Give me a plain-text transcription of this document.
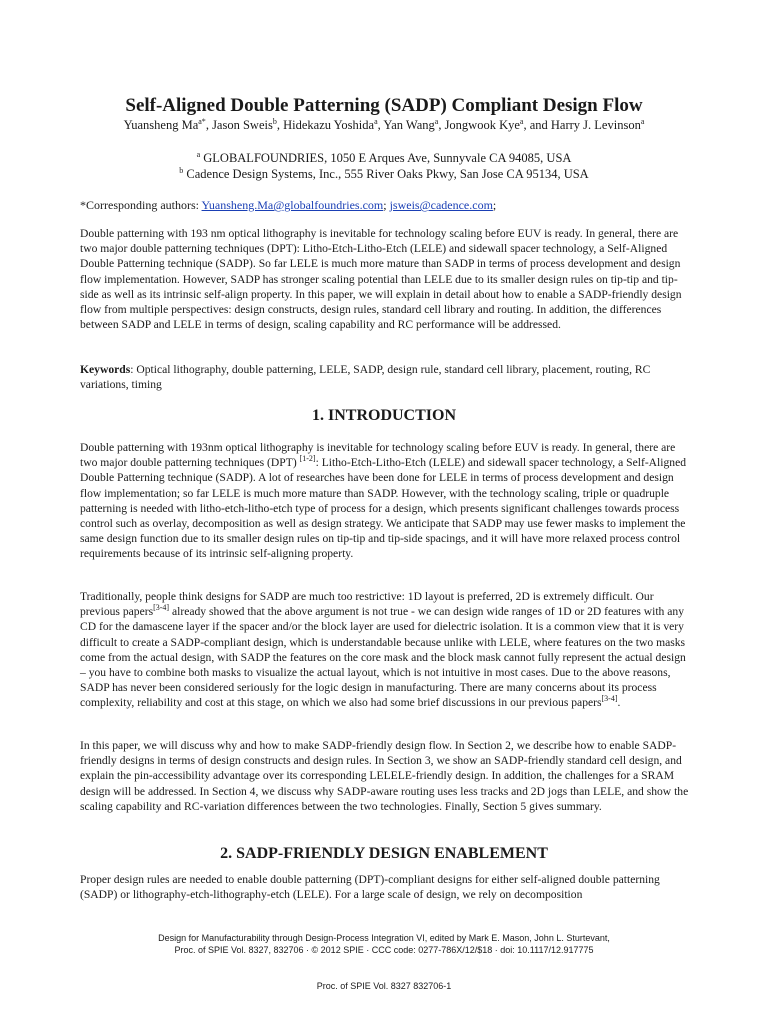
Self-Aligned Double Patterning (SADP) Compliant Design Flow
Yuansheng $Ma^{a*}$, Jason Sweis$^b$, Hidekazu Yoshida$^a$, Yan Wang$^a$, Jongwook Kye$^a$, and Harry J. Levinson$^a$
$^a$ GLOBALFOUNDRIES, 1050 E Arques Ave, Sunnyvale CA 94085, USA
$^b$ Cadence Design Systems, Inc., 555 River Oaks Pkwy, San Jose CA 95134, USA
*Corresponding authors: Yuansheng.Ma@globalfoundries.com; jsweis@cadence.com;

Double patterning with 193 nm optical lithography is inevitable for technology scaling before EUV is ready. In general, there are two major double patterning techniques (DPT): Litho-Etch-Litho-Etch (LELE) and sidewall spacer technology, a Self-Aligned Double Patterning technique (SADP). So far LELE is much more mature than SADP in terms of process development and design flow implementation. However, SADP has stronger scaling potential than LELE due to its smaller design rules on tip-tip and tip-side as well as its intrinsic self-align property. In this paper, we will explain in detail about how to enable a SADP-friendly design flow from multiple perspectives: design constructs, design rules, standard cell library and routing. In addition, the differences between SADP and LELE in terms of design, scaling capability and RC performance will be addressed.

Keywords: Optical lithography, double patterning, LELE, SADP, design rule, standard cell library, placement, routing, RC variations, timing

1. INTRODUCTION

Double patterning with 193nm optical lithography is inevitable for technology scaling before EUV is ready. In general, there are two major double patterning techniques (DPT) [1-2]: Litho-Etch-Litho-Etch (LELE) and sidewall spacer technology, a Self-Aligned Double Patterning technique (SADP). A lot of researches have been done for LELE in terms of process development and design flow implementation; so far LELE is much more mature than SADP. However, with the technology scaling, triple or quadruple patterning is needed with litho-etch-litho-etch type of process for a design, which presents significant challenges towards process control such as overlay, decomposition as well as design strategy. We anticipate that SADP may use fewer masks to implement the same design function due to its smaller design rules on tip-tip and tip-side spacings, and it will have more relaxed process control requirements because of its intrinsic self-aligning property.

Traditionally, people think designs for SADP are much too restrictive: 1D layout is preferred, 2D is extremely difficult. Our previous papers[3-4] already showed that the above argument is not true - we can design wide ranges of 1D or 2D features with any CD for the damascene layer if the spacer and/or the block layer are used for dielectric isolation. It is a common view that it is very difficult to create a SADP-compliant design, which is understandable because unlike with LELE, where features on the two masks come from the actual design, with SADP the features on the core mask and the block mask cannot fully represent the actual design – you have to combine both masks to visualize the actual layout, which is not intuitive in most cases. Due to the above reasons, SADP has never been considered seriously for the logic design in manufacturing. There are many concerns about its process complexity, reliability and cost at this stage, on which we also had some brief discussions in our previous papers[3-4].

In this paper, we will discuss why and how to make SADP-friendly design flow. In Section 2, we describe how to enable SADP-friendly designs in terms of design constructs and design rules. In Section 3, we show an SADP-friendly standard cell design, and explain the pin-accessibility advantage over its corresponding LELELE-friendly design. In addition, the challenges for a SRAM design will be addressed. In Section 4, we discuss why SADP-aware routing uses less tracks and 2D jogs than LELE, and show the scaling capability and RC-variation differences between the two technologies. Finally, Section 5 gives summary.

2. SADP-FRIENDLY DESIGN ENABLEMENT

Proper design rules are needed to enable double patterning (DPT)-compliant designs for either self-aligned double patterning (SADP) or lithography-etch-lithography-etch (LELE). For a large scale of design, we rely on decomposition

Design for Manufacturability through Design-Process Integration VI, edited by Mark E. Mason, John L. Sturtevant,
Proc. of SPIE Vol. 8327, 832706 · © 2012 SPIE · CCC code: 0277-786X/12/$18 · doi: 10.1117/12.917775
Proc. of SPIE Vol. 8327 832706-1
